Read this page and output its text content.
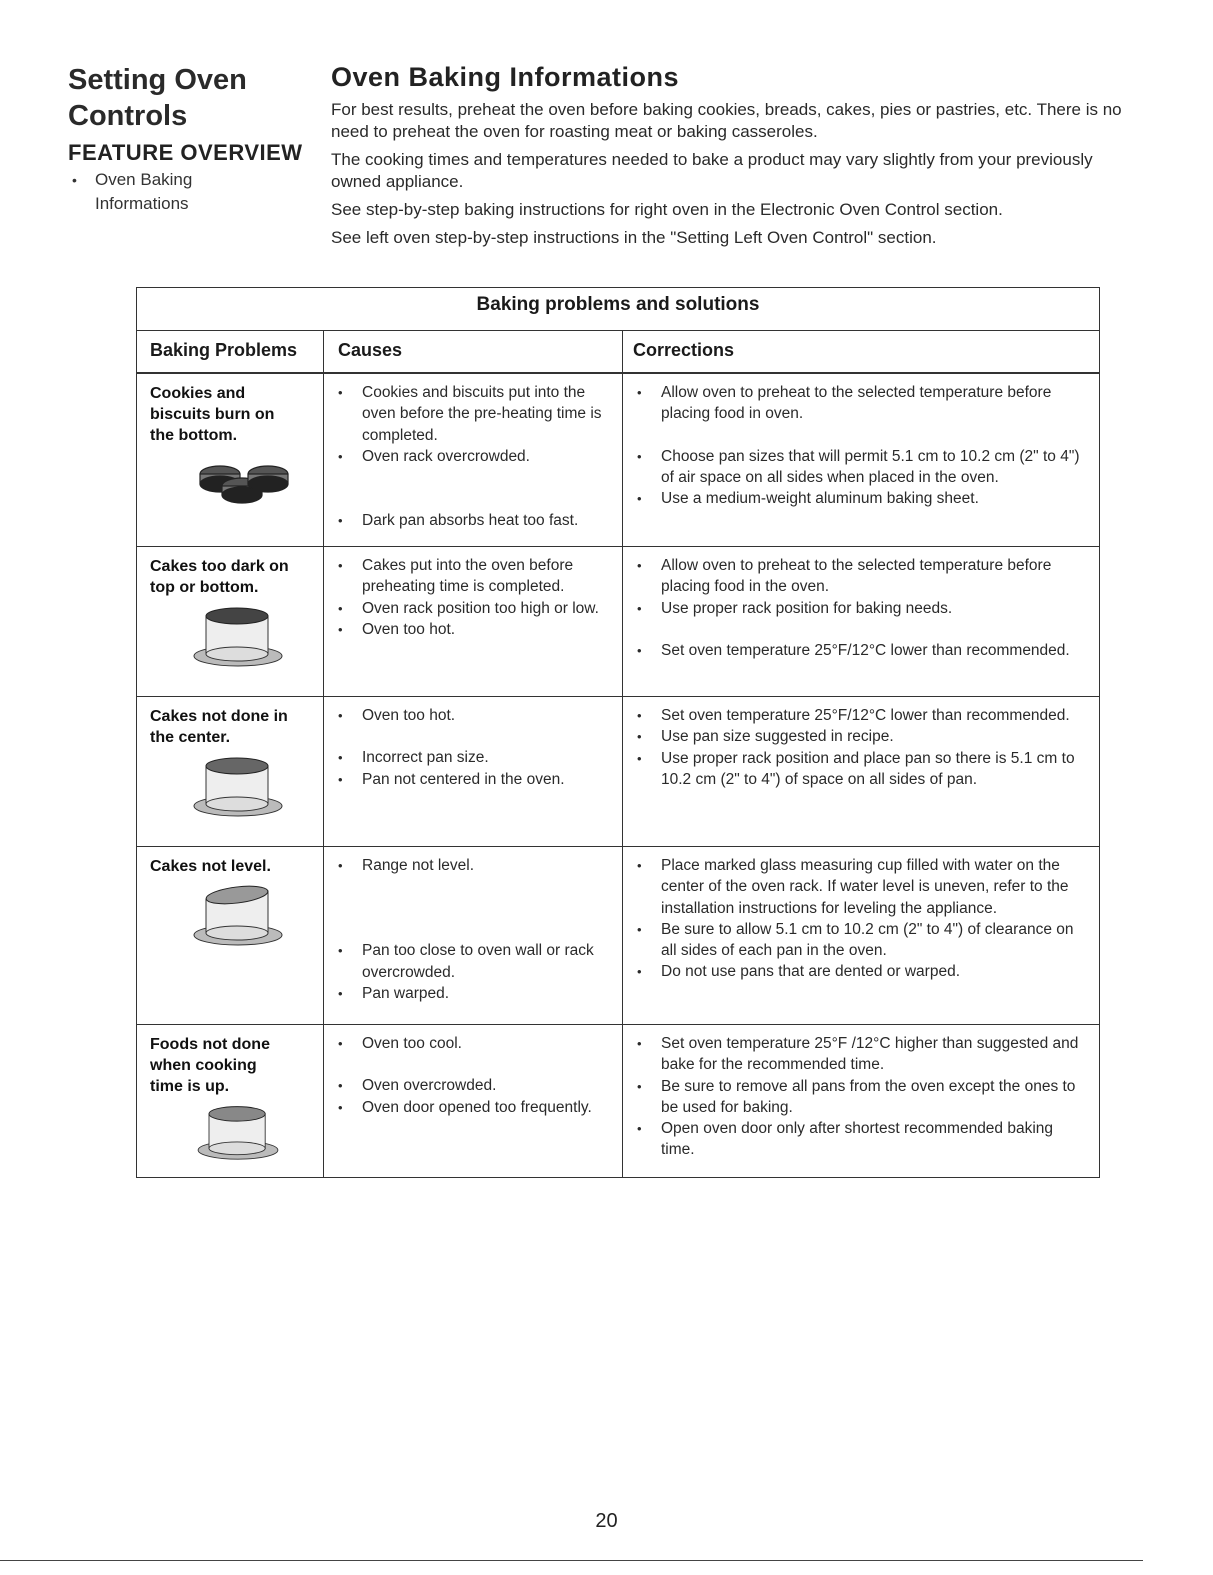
Setting Oven
Controls
FEATURE OVERVIEW
• Oven Baking Informations
Oven Baking Informations

For best results, preheat the oven before baking cookies, breads, cakes, pies or pastries, etc. There is no need to preheat the oven for roasting meat or baking casseroles.

The cooking times and temperatures needed to bake a product may vary slightly from your previously owned appliance.

See step-by-step baking instructions for right oven in the Electronic Oven Control section.

See left oven step-by-step instructions in the "Setting Left Oven Control" section.

Baking problems and solutions
Baking Problems	Causes	Corrections
Cookies and
biscuits burn on
the bottom.
• Cookies and biscuits put into the oven before the pre-heating time is completed.
• Oven rack overcrowded.
• Dark pan absorbs heat too fast.
• Allow oven to preheat to the selected temperature before placing food in oven.
• Choose pan sizes that will permit 5.1 cm to 10.2 cm (2" to 4") of air space on all sides when placed in the oven.
• Use a medium-weight aluminum baking sheet.
Cakes too dark on
top or bottom.
• Cakes put into the oven before preheating time is completed.
• Oven rack position too high or low.
• Oven too hot.
• Allow oven to preheat to the selected temperature before placing food in the oven.
• Use proper rack position for baking needs.
• Set oven temperature 25°F/12°C lower than recommended.
Cakes not done in
the center.
• Oven too hot.
• Incorrect pan size.
• Pan not centered in the oven.
• Set oven temperature 25°F/12°C lower than recommended.
• Use pan size suggested in recipe.
• Use proper rack position and place pan so there is 5.1 cm to 10.2 cm (2" to 4") of space on all sides of pan.
Cakes not level.
•	Range not level.
• Pan too close to oven wall or rack overcrowded.
• Pan warped.
• Place marked glass measuring cup filled with water on the center of the oven rack. If water level is uneven, refer to the installation instructions for leveling the appliance.
• Be sure to allow 5.1 cm to 10.2 cm (2" to 4") of clearance on all sides of each pan in the oven.
• Do not use pans that are dented or warped.
Foods not done
when cooking
time is up.
• Oven too cool.
• Oven overcrowded.
• Oven door opened too frequently.
• Set oven temperature 25°F /12°C higher than suggested and bake for the recommended time.
• Be sure to remove all pans from the oven except the ones to be used for baking.
• Open oven door only after shortest recommended baking time.
20
